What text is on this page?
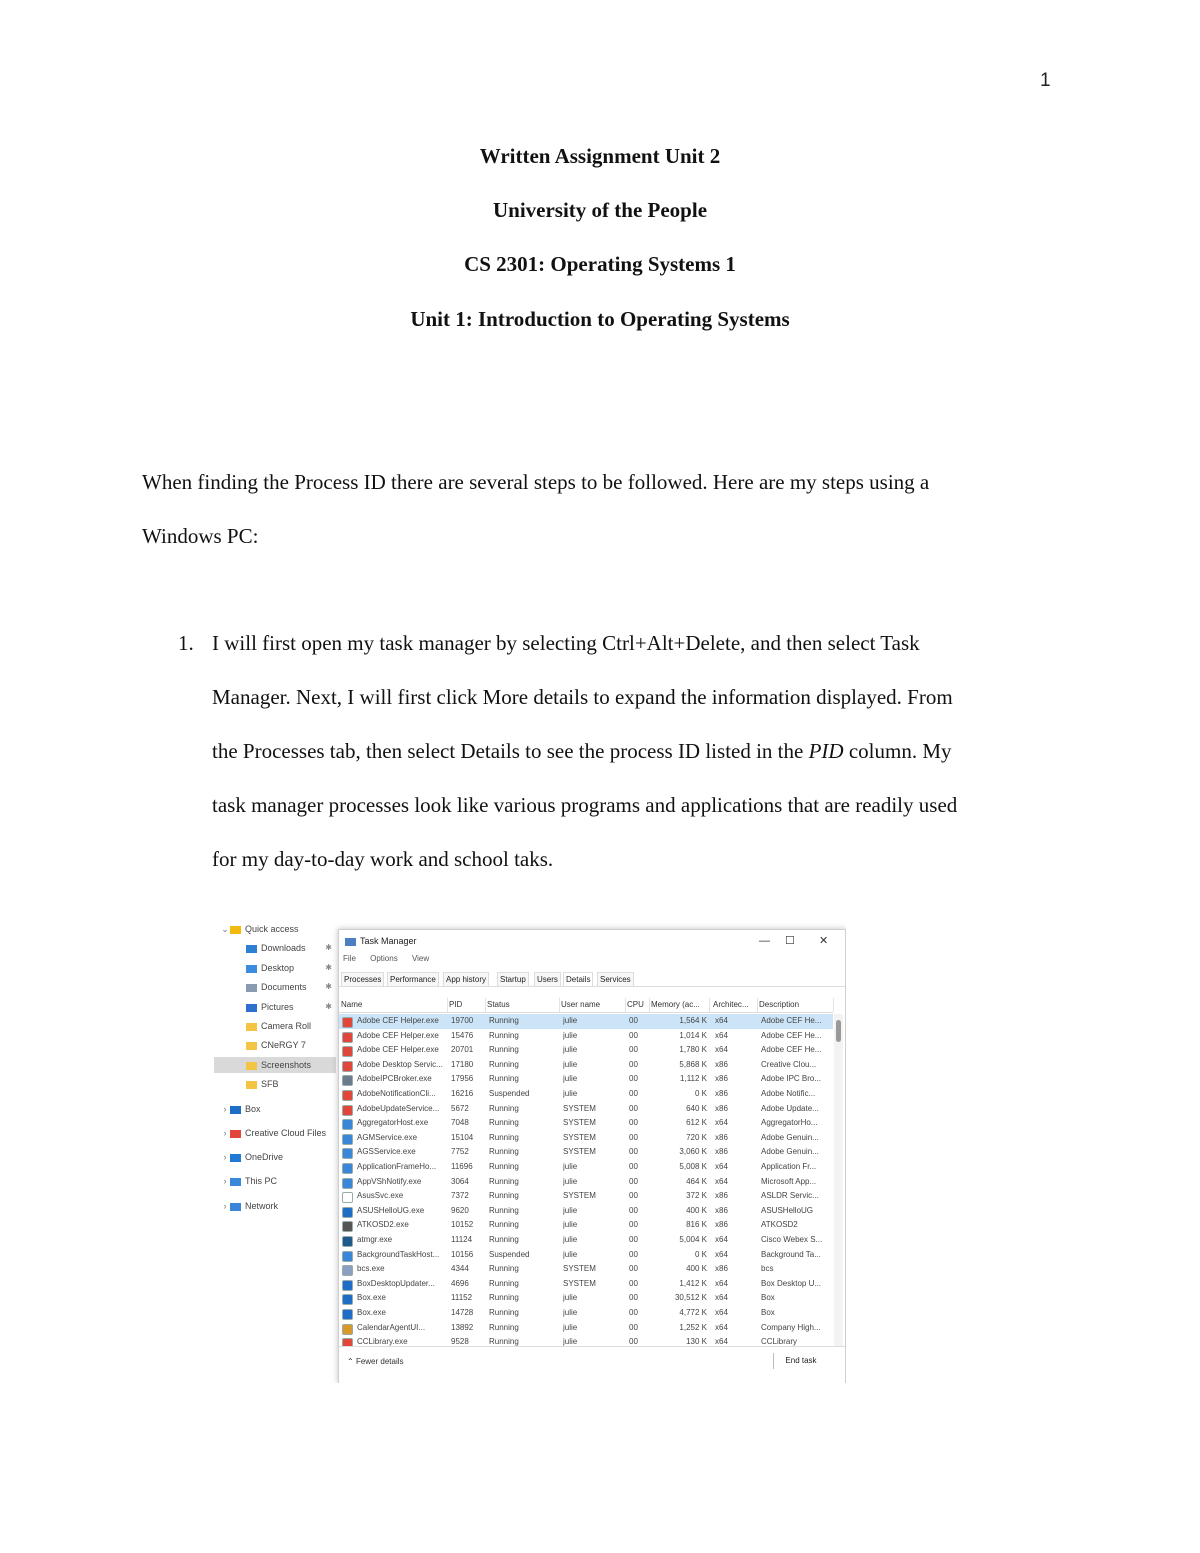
1
Written Assignment Unit 2
University of the People
CS 2301: Operating Systems 1
Unit 1: Introduction to Operating Systems
When finding the Process ID there are several steps to be followed. Here are my steps using a
Windows PC:
1. I will first open my task manager by selecting Ctrl+Alt+Delete, and then select Task
Manager. Next, I will first click More details to expand the information displayed. From
the Processes tab, then select Details to see the process ID listed in the PID column. My
task manager processes look like various programs and applications that are readily used
for my day-to-day work and school taks.
⌄ Quick access
Downloads ✱
Desktop	✱
Documents ✱
Pictures	✱
Camera Roll
CNeRGY 7
Screenshots
SFB
› Box
› Creative Cloud Files
› OneDrive
› This PC
› Network
Task Manager	— ☐ ✕
File Options View
Processes	Performance	App history	Startup	Users	Details	Services
Name	PID	Status	User name	CPU Memory (ac...	Architec...	Description
Adobe CEF Helper.exe	19700	Running	julie	00	1,564 K x64	Adobe CEF He...
Adobe CEF Helper.exe	15476	Running	julie	00	1,014 K x64	Adobe CEF He...
Adobe CEF Helper.exe	20701	Running	julie	00	1,780 K x64	Adobe CEF He...
Adobe Desktop Servic...	17180	Running	julie	00	5,868 K x86	Creative Clou...
AdobeIPCBroker.exe	17956	Running	julie	00	1,112 K x86	Adobe IPC Bro...
AdobeNotificationCli...	16216	Suspended	julie	00	0 K x86	Adobe Notific...
AdobeUpdateService...	5672	Running	SYSTEM	00	640 K x86	Adobe Update...
AggregatorHost.exe	7048	Running	SYSTEM	00	612 K x64	AggregatorHo...
AGMService.exe	15104	Running	SYSTEM	00	720 K x86	Adobe Genuin...
AGSService.exe	7752	Running	SYSTEM	00	3,060 K x86	Adobe Genuin...
ApplicationFrameHo...	11696	Running	julie	00	5,008 K x64	Application Fr...
AppVShNotify.exe	3064	Running	julie	00	464 K x64	Microsoft App...
AsusSvc.exe	7372	Running	SYSTEM	00	372 K x86	ASLDR Servic...
ASUSHelloUG.exe	9620	Running	julie	00	400 K x86	ASUSHelloUG
ATKOSD2.exe	10152	Running	julie	00	816 K x86	ATKOSD2
atmgr.exe	11124	Running	julie	00	5,004 K x64	Cisco Webex S...
BackgroundTaskHost...	10156	Suspended	julie	00	0 K x64	Background Ta...
bcs.exe	4344	Running	SYSTEM	00	400 K x86	bcs
BoxDesktopUpdater...	4696	Running	SYSTEM	00	1,412 K x64	Box Desktop U...
Box.exe	11152	Running	julie	00	30,512 K x64	Box
Box.exe	14728	Running	julie	00	4,772 K x64	Box
CalendarAgentUI...	13892	Running	julie	00	1,252 K x64	Company High...
CCLibrary.exe	9528	Running	julie	00	130 K x64	CCLibrary
⌃ Fewer details	End task
